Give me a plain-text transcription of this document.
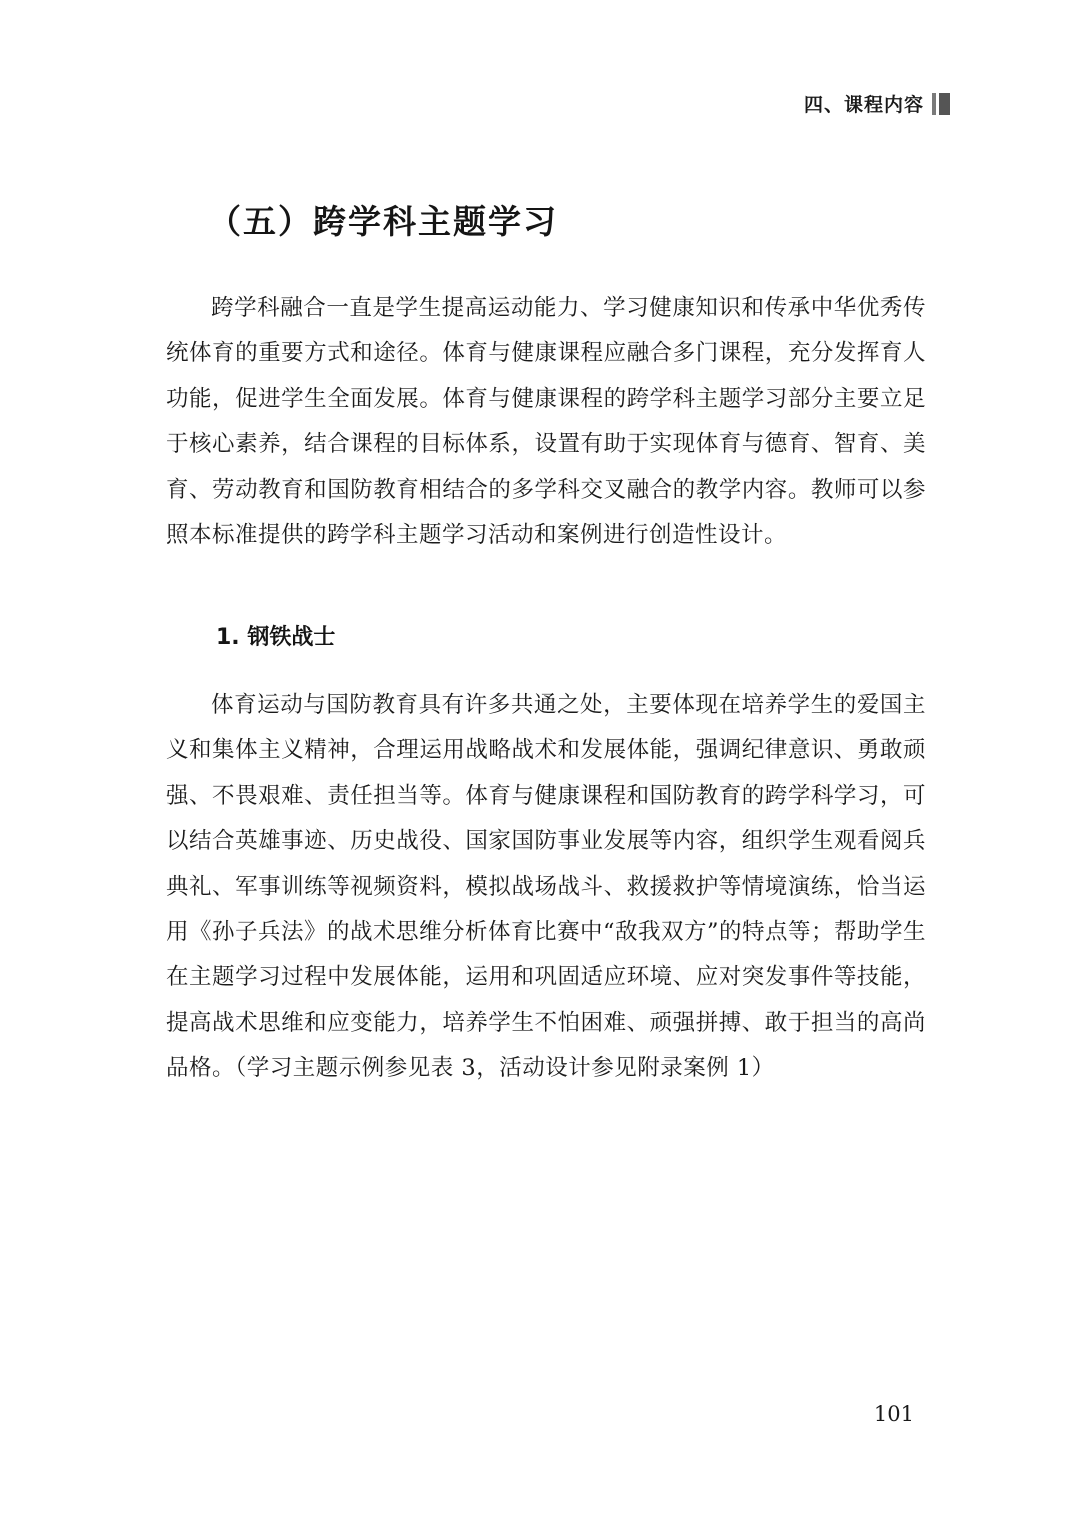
四、课程内容
（五）跨学科主题学习

跨学科融合一直是学生提高运动能力、学习健康知识和传承中华优秀传统体育的重要方式和途径。体育与健康课程应融合多门课程，充分发挥育人功能，促进学生全面发展。体育与健康课程的跨学科主题学习部分主要立足于核心素养，结合课程的目标体系，设置有助于实现体育与德育、智育、美育、劳动教育和国防教育相结合的多学科交叉融合的教学内容。教师可以参照本标准提供的跨学科主题学习活动和案例进行创造性设计。

1. 钢铁战士

体育运动与国防教育具有许多共通之处，主要体现在培养学生的爱国主义和集体主义精神，合理运用战略战术和发展体能，强调纪律意识、勇敢顽强、不畏艰难、责任担当等。体育与健康课程和国防教育的跨学科学习，可以结合英雄事迹、历史战役、国家国防事业发展等内容，组织学生观看阅兵典礼、军事训练等视频资料，模拟战场战斗、救援救护等情境演练，恰当运用《孙子兵法》的战术思维分析体育比赛中“敌我双方”的特点等；帮助学生在主题学习过程中发展体能，运用和巩固适应环境、应对突发事件等技能，提高战术思维和应变能力，培养学生不怕困难、顽强拼搏、敢于担当的高尚品格。（学习主题示例参见表 3，活动设计参见附录案例 1）

101
